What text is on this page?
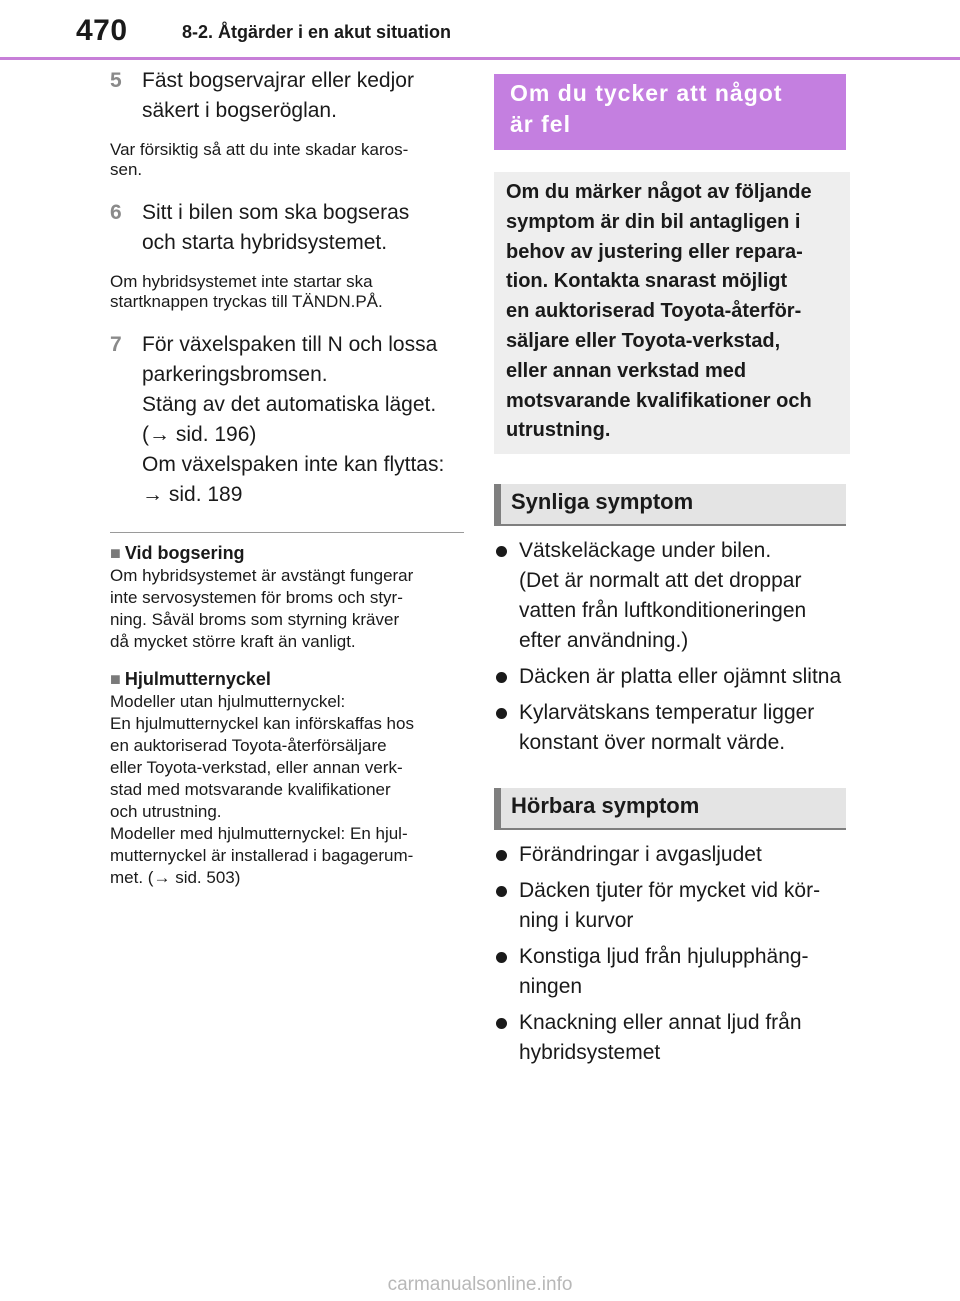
470	8-2. Åtgärder i en akut situation
5 Fäst bogservajrar eller kedjor
säkert i bogseröglan.
Var försiktig så att du inte skadar karos-
sen.
6 Sitt i bilen som ska bogseras
och starta hybridsystemet.
Om hybridsystemet inte startar ska
startknappen tryckas till TÄNDN.PÅ.
7 För växelspaken till N och lossa
parkeringsbromsen.
Stäng av det automatiska läget.
(→ sid. 196)
Om växelspaken inte kan flyttas:
→ sid. 189
■ Vid bogsering
Om hybridsystemet är avstängt fungerar
inte servosystemen för broms och styr-
ning. Såväl broms som styrning kräver
då mycket större kraft än vanligt.
■ Hjulmutternyckel
Modeller utan hjulmutternyckel:
En hjulmutternyckel kan införskaffas hos
en auktoriserad Toyota-återförsäljare
eller Toyota-verkstad, eller annan verk-
stad med motsvarande kvalifikationer
och utrustning.
Modeller med hjulmutternyckel: En hjul-
mutternyckel är installerad i bagagerum-
met. (→ sid. 503)
Om du tycker att något
är fel
Om du märker något av följande
symptom är din bil antagligen i
behov av justering eller repara-
tion. Kontakta snarast möjligt
en auktoriserad Toyota-återför-
säljare eller Toyota-verkstad,
eller annan verkstad med
motsvarande kvalifikationer och
utrustning.
Synliga symptom
Vätskeläckage under bilen.
(Det är normalt att det droppar
vatten från luftkonditioneringen
efter användning.)
Däcken är platta eller ojämnt slitna
Kylarvätskans temperatur ligger
konstant över normalt värde.
Hörbara symptom
Förändringar i avgasljudet
Däcken tjuter för mycket vid kör-
ning i kurvor
Konstiga ljud från hjulupphäng-
ningen
Knackning eller annat ljud från
hybridsystemet
carmanualsonline.info
